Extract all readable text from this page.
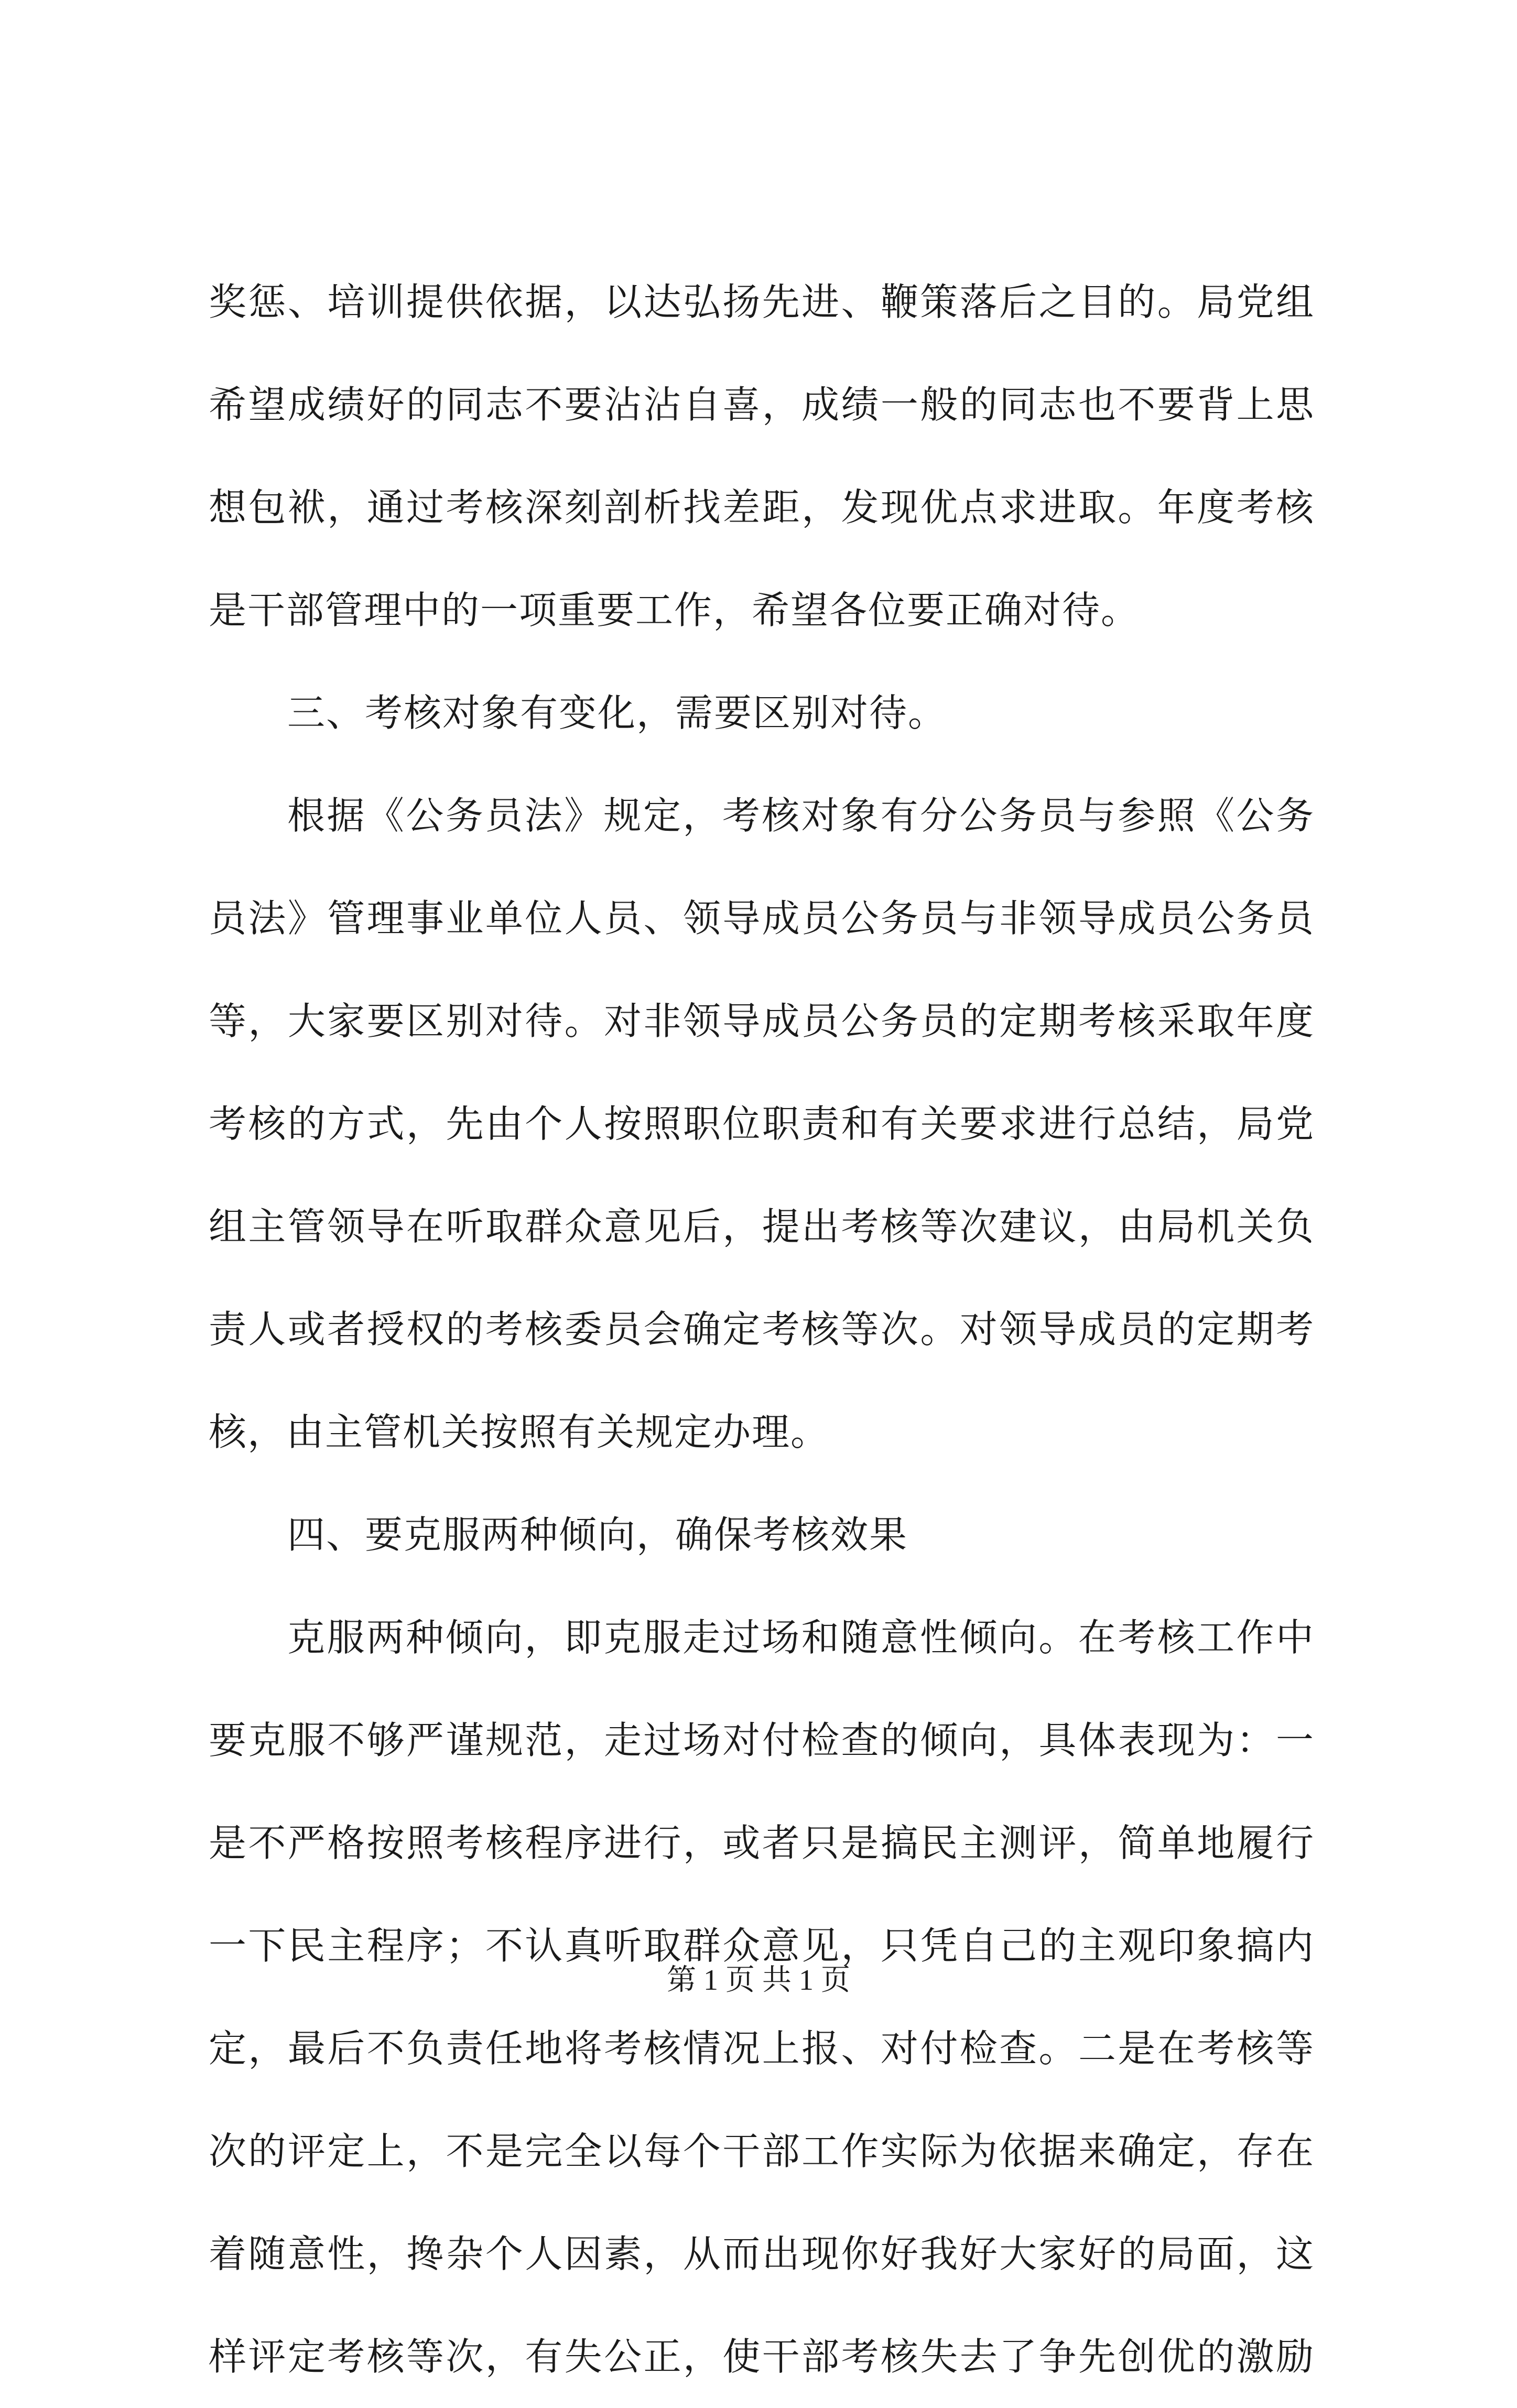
奖惩、培训提供依据，以达弘扬先进、鞭策落后之目的。局党组
希望成绩好的同志不要沾沾自喜，成绩一般的同志也不要背上思
想包袱，通过考核深刻剖析找差距，发现优点求进取。年度考核
是干部管理中的一项重要工作，希望各位要正确对待。
三、考核对象有变化，需要区别对待。
根据《公务员法》规定，考核对象有分公务员与参照《公务
员法》管理事业单位人员、领导成员公务员与非领导成员公务员
等，大家要区别对待。对非领导成员公务员的定期考核采取年度
考核的方式，先由个人按照职位职责和有关要求进行总结，局党
组主管领导在听取群众意见后，提出考核等次建议，由局机关负
责人或者授权的考核委员会确定考核等次。对领导成员的定期考
核，由主管机关按照有关规定办理。
四、要克服两种倾向，确保考核效果
克服两种倾向，即克服走过场和随意性倾向。在考核工作中
要克服不够严谨规范，走过场对付检查的倾向，具体表现为：一
是不严格按照考核程序进行，或者只是搞民主测评，简单地履行
一下民主程序；不认真听取群众意见，只凭自己的主观印象搞内
定，最后不负责任地将考核情况上报、对付检查。二是在考核等
次的评定上，不是完全以每个干部工作实际为依据来确定，存在
着随意性，搀杂个人因素，从而出现你好我好大家好的局面，这
样评定考核等次，有失公正，使干部考核失去了争先创优的激励
第 1 页 共 1 页
